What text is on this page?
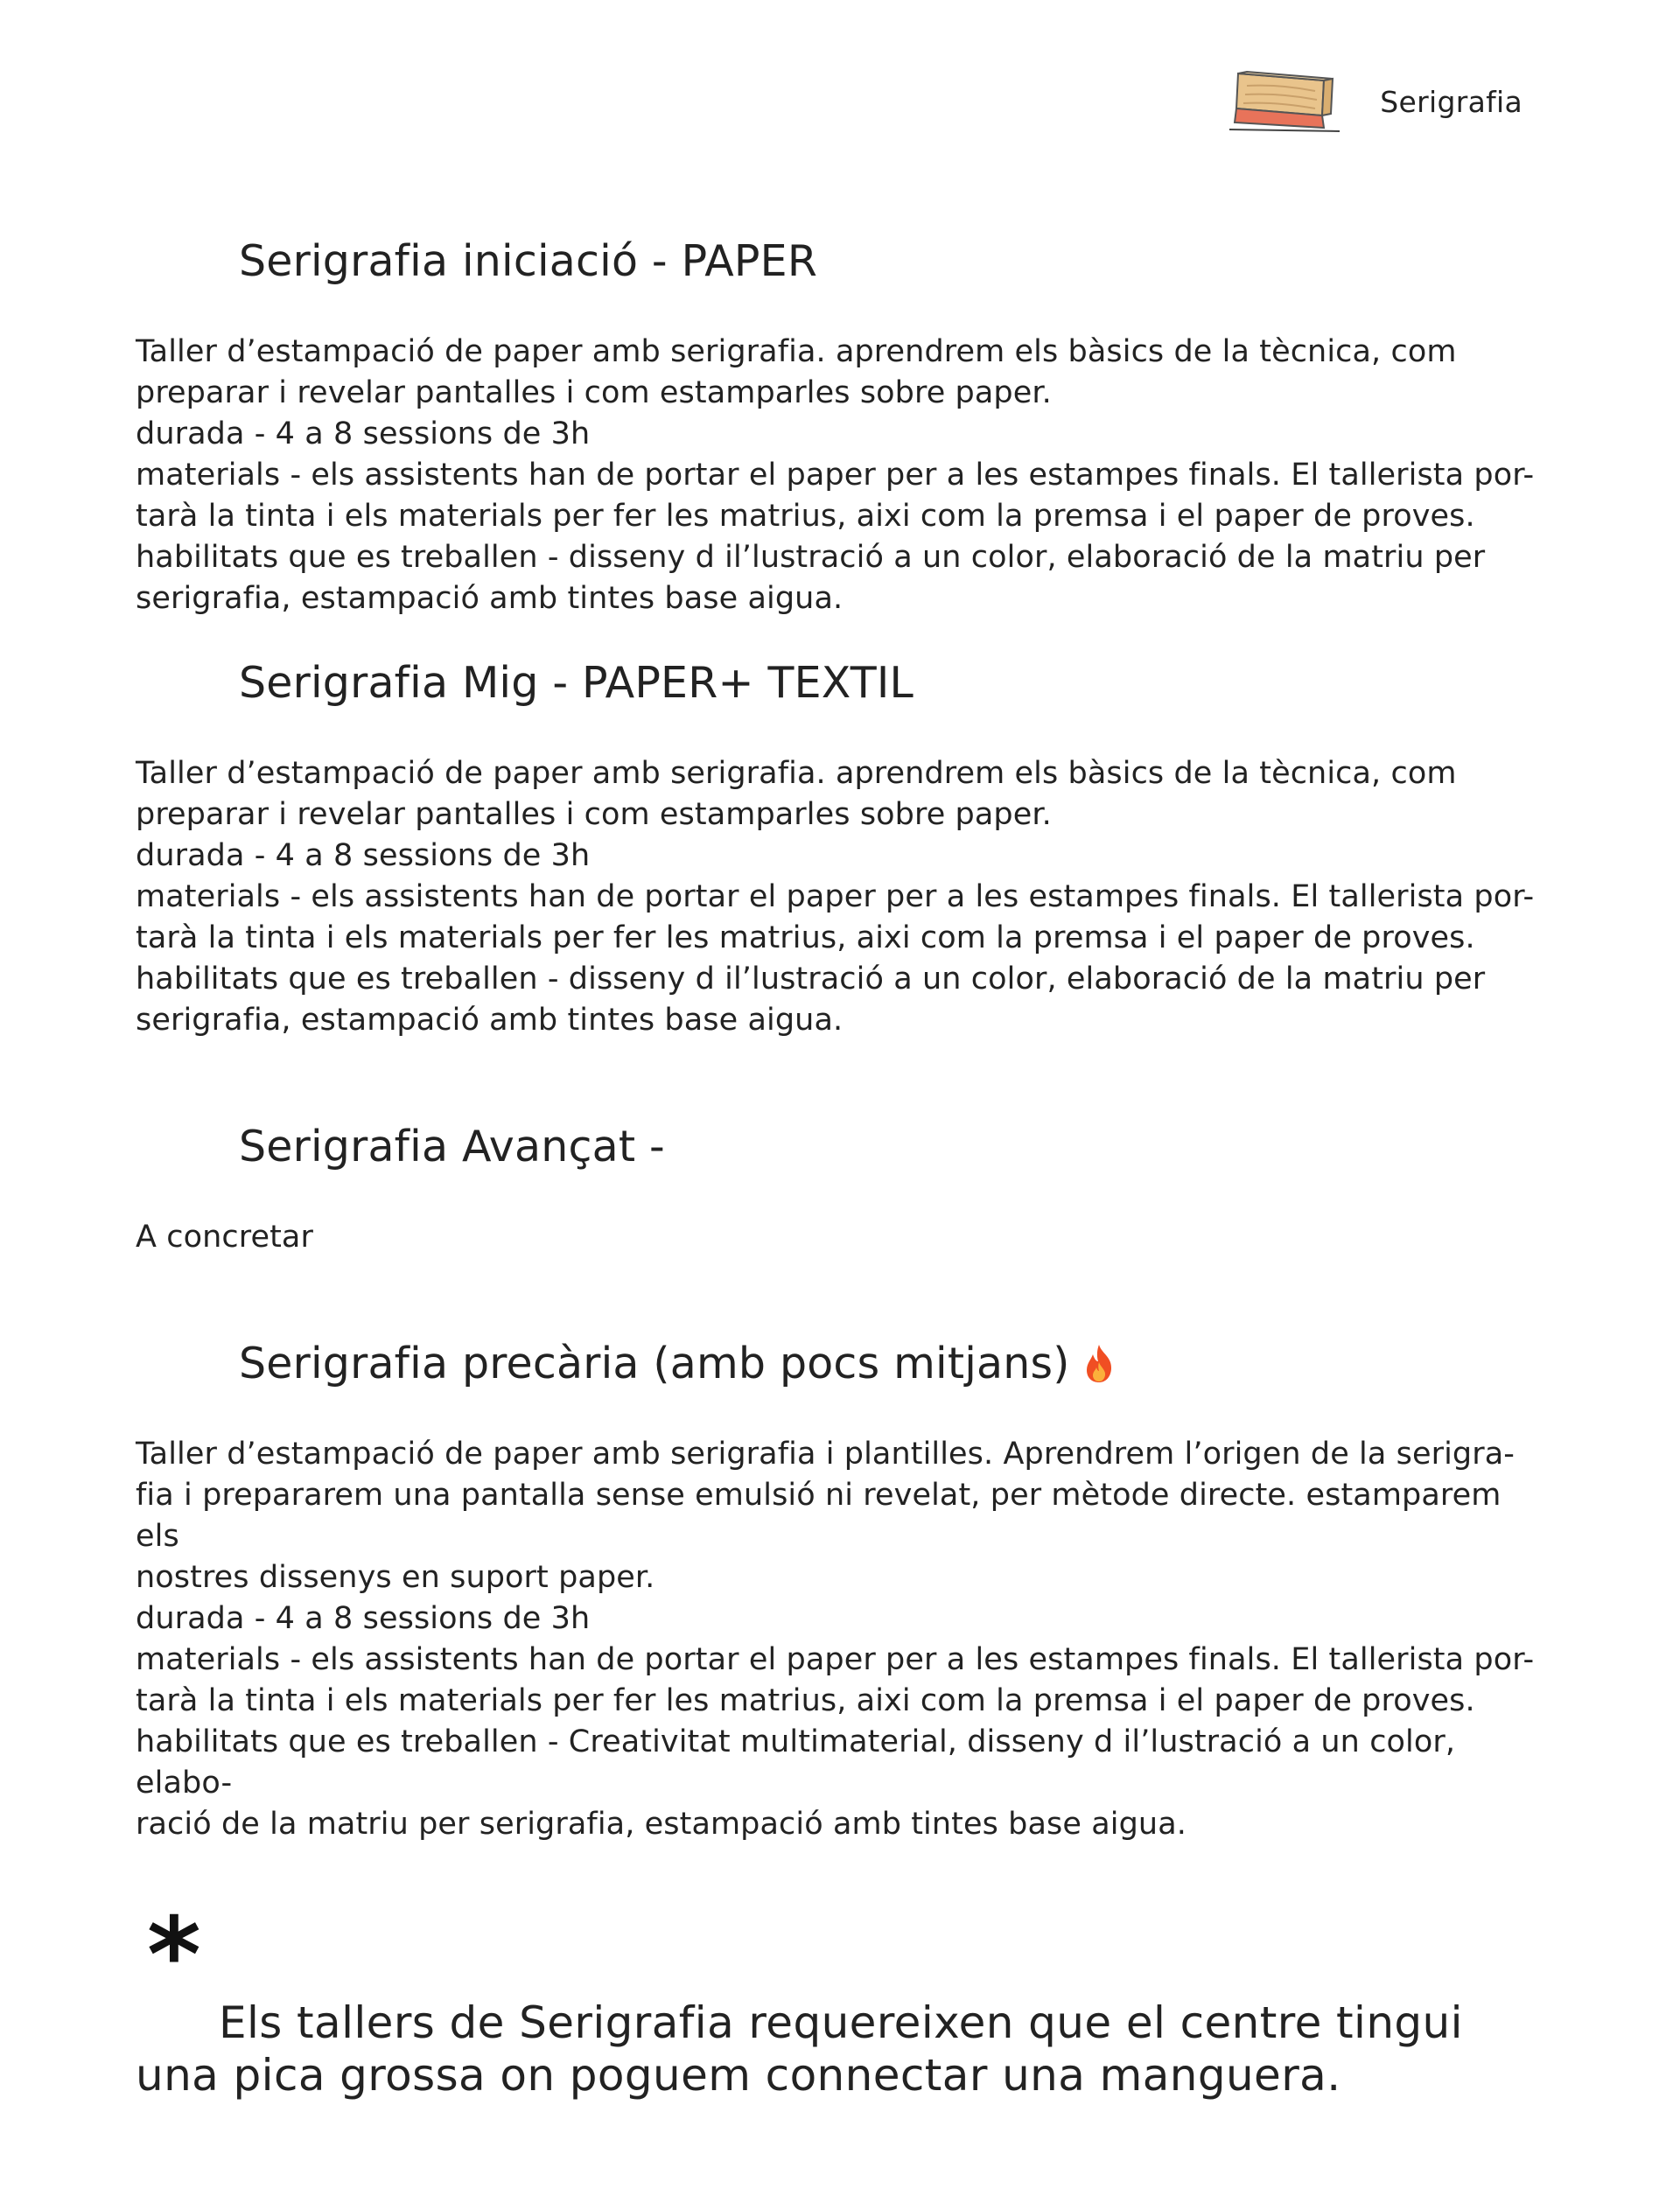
Serigrafia
Serigrafia iniciació - PAPER

Taller d’estampació de paper amb serigrafia. aprendrem els bàsics de la tècnica, com
preparar i revelar pantalles i com estamparles sobre paper.
durada - 4 a 8 sessions de 3h
materials - els assistents han de portar el paper per a les estampes finals. El tallerista por-
tarà la tinta i els materials per fer les matrius, aixi com la premsa i el paper de proves.
habilitats que es treballen - disseny d il’lustració a un color, elaboració de la matriu per
serigrafia, estampació amb tintes base aigua.

Serigrafia Mig - PAPER+ TEXTIL

Taller d’estampació de paper amb serigrafia. aprendrem els bàsics de la tècnica, com
preparar i revelar pantalles i com estamparles sobre paper.
durada - 4 a 8 sessions de 3h
materials - els assistents han de portar el paper per a les estampes finals. El tallerista por-
tarà la tinta i els materials per fer les matrius, aixi com la premsa i el paper de proves.
habilitats que es treballen - disseny d il’lustració a un color, elaboració de la matriu per
serigrafia, estampació amb tintes base aigua.

Serigrafia Avançat -

A concretar

Serigrafia precària (amb pocs mitjans)

Taller d’estampació de paper amb serigrafia i plantilles. Aprendrem l’origen de la serigra-
fia i prepararem una pantalla sense emulsió ni revelat, per mètode directe. estamparem els
nostres dissenys en suport paper.
durada - 4 a 8 sessions de 3h
materials - els assistents han de portar el paper per a les estampes finals. El tallerista por-
tarà la tinta i els materials per fer les matrius, aixi com la premsa i el paper de proves.
habilitats que es treballen - Creativitat multimaterial, disseny d il’lustració a un color, elabo-
ració de la matriu per serigrafia, estampació amb tintes base aigua.

*

Els tallers de Serigrafia requereixen que el centre tingui una pica grossa on poguem connectar una manguera.
